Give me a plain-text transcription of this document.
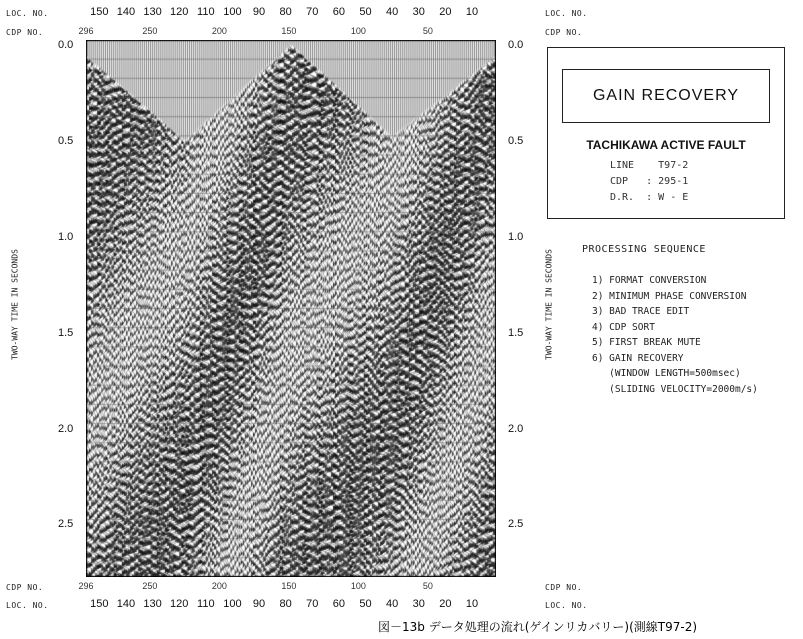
LOC. NO.
CDP NO.
LOC. NO.
CDP NO.
CDP NO.
LOC. NO.
CDP NO.
LOC. NO.
150 140 130 120 110 100 90 80 70 60 50 40 30 20 10
296	250	200	150	100	50
296	250	200	150	100	50
150 140 130 120 110 100 90 80 70 60 50 40 30 20 10
0.0
0.5
1.0
1.5
2.0
2.5
0.0
0.5
1.0
1.5
2.0
2.5
TWO-WAY TIME IN SECONDS	TWO-WAY TIME IN SECONDS
GAIN RECOVERY
TACHIKAWA ACTIVE FAULT
LINE    T97-2
CDP   : 295-1
D.R.  : W - E
PROCESSING SEQUENCE
1) FORMAT CONVERSION
2) MINIMUM PHASE CONVERSION
3) BAD TRACE EDIT
4) CDP SORT
5) FIRST BREAK MUTE
6) GAIN RECOVERY
(WINDOW LENGTH=500msec)
(SLIDING VELOCITY=2000m/s)
図－13b データ処理の流れ(ゲインリカバリー)(測線T97-2)
